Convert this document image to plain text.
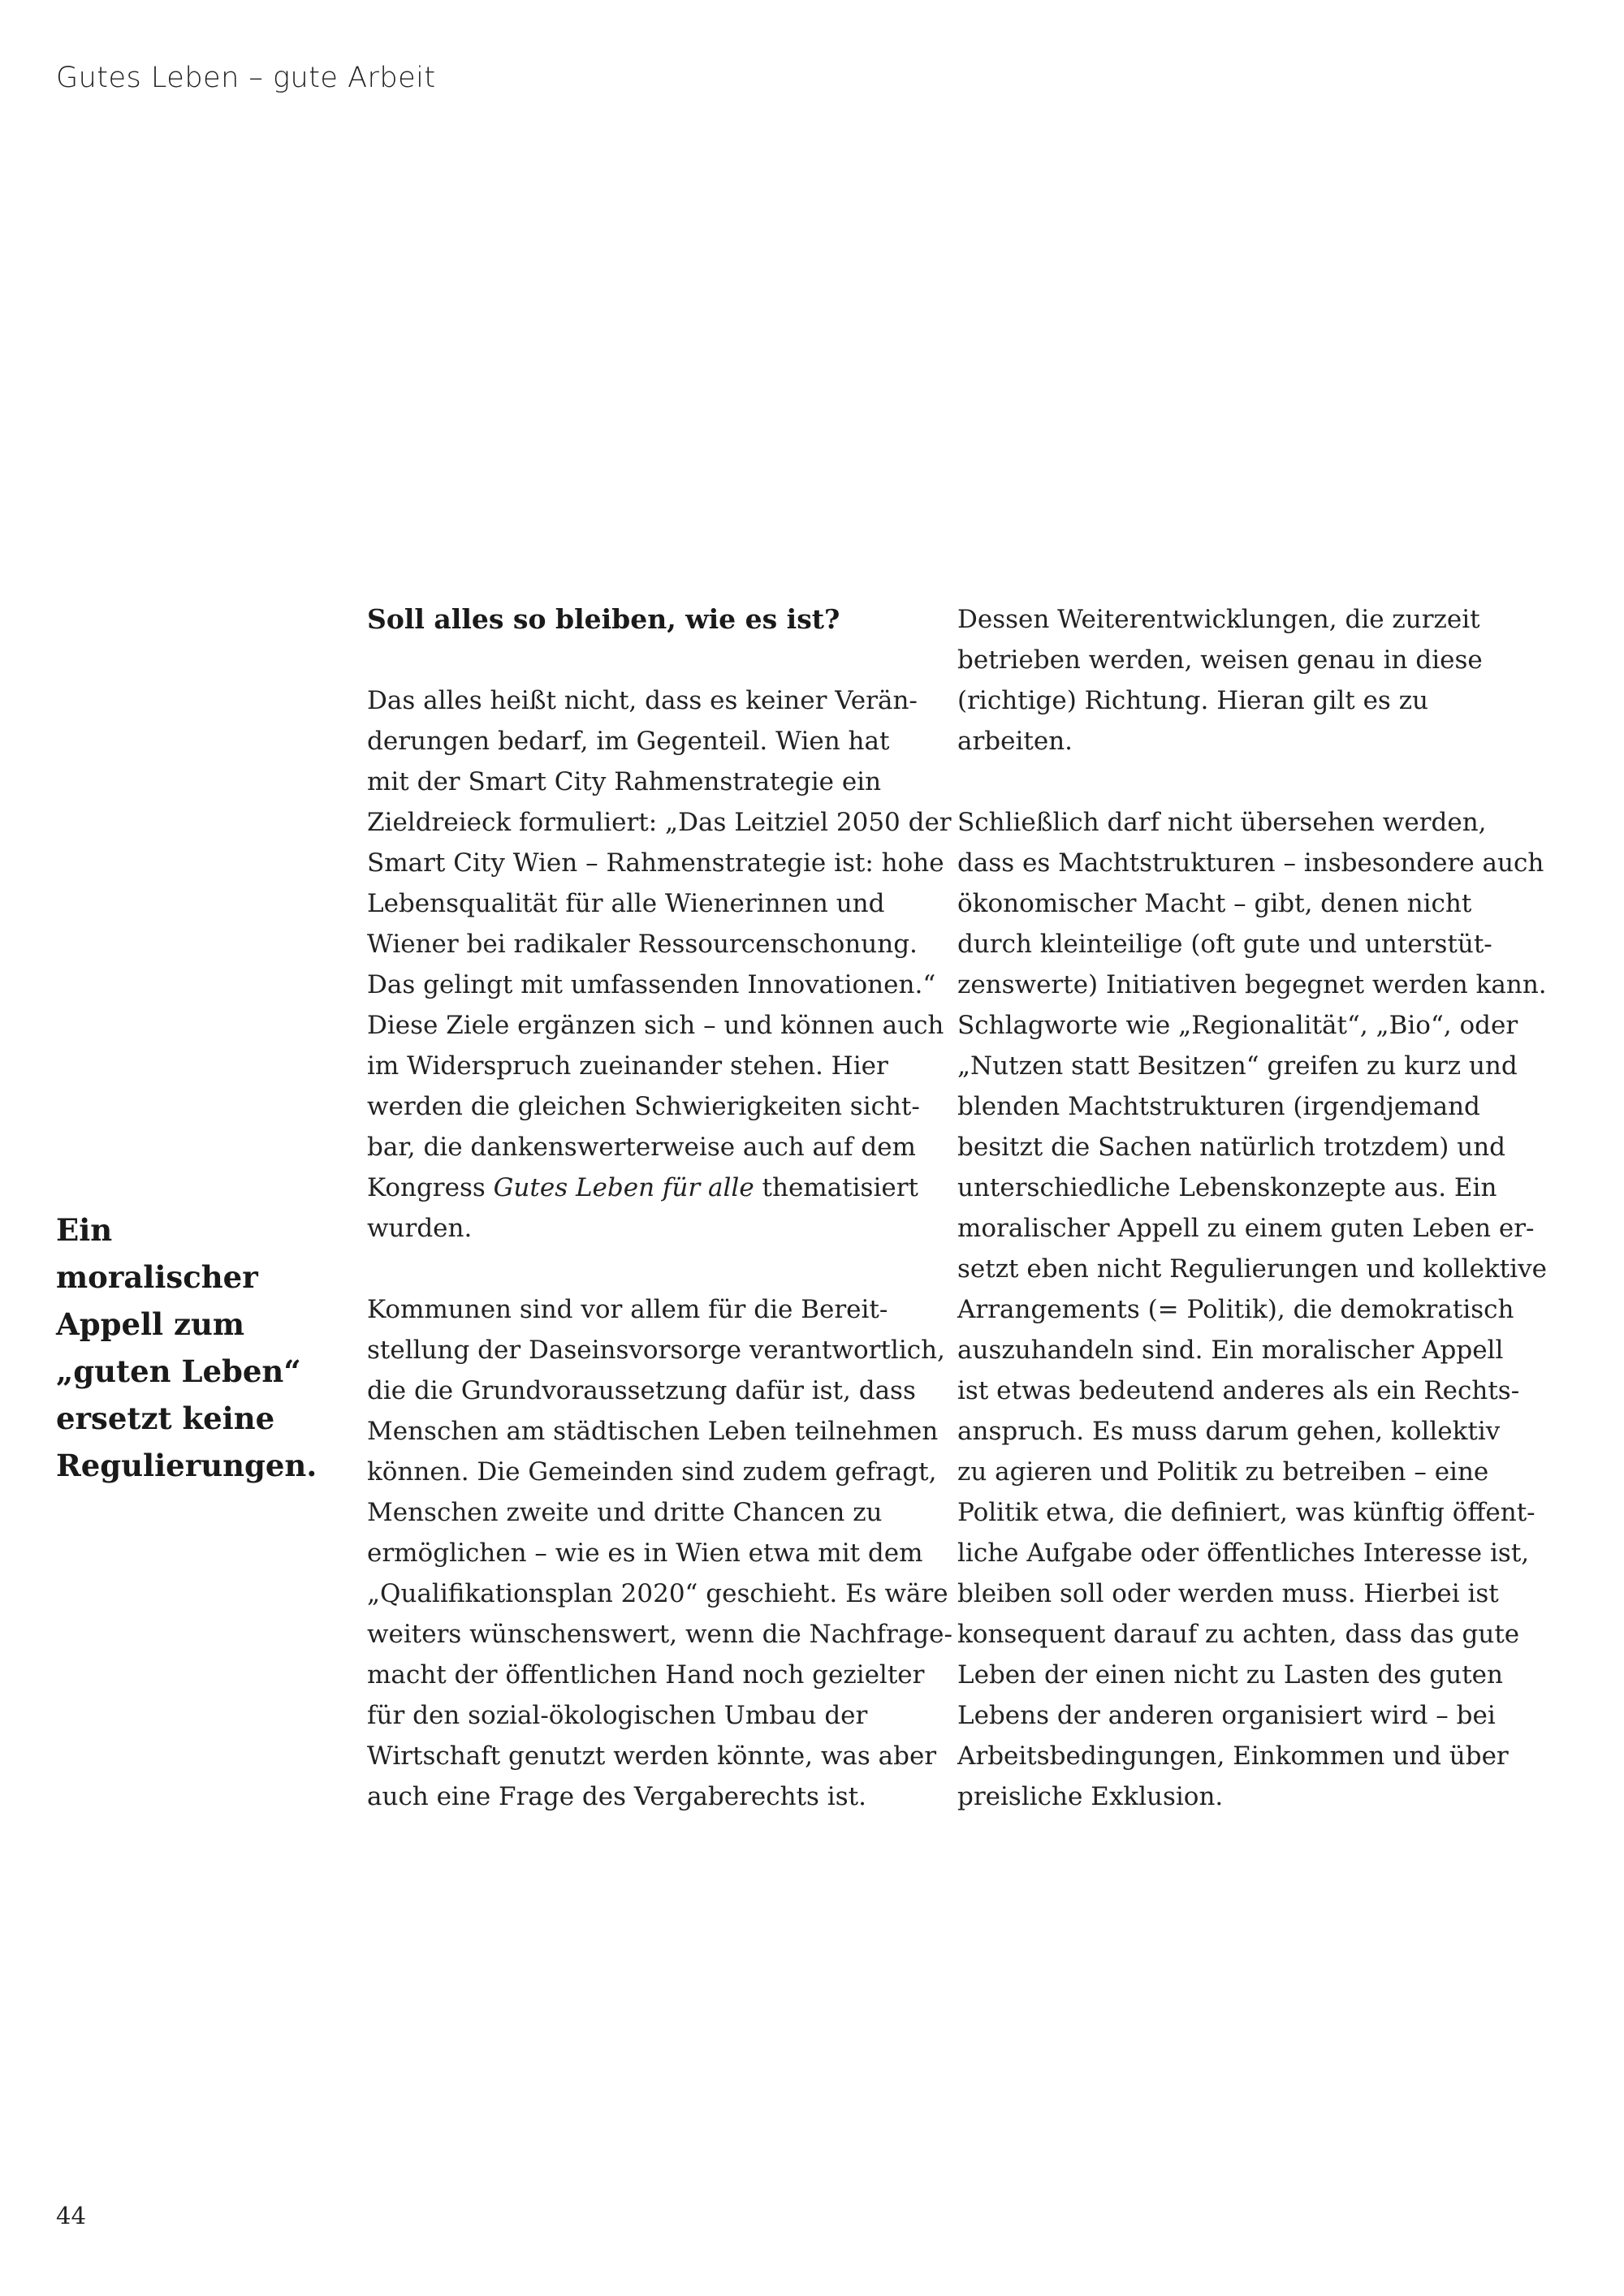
Gutes Leben – gute Arbeit
Ein moralischer
Appell zum
„guten Leben“
ersetzt keine
Regulierungen.
Soll alles so bleiben, wie es ist?
Das alles heißt nicht, dass es keiner Verän-
derungen bedarf, im Gegenteil. Wien hat
mit der Smart City Rahmenstrategie ein
Zieldreieck formuliert: „Das Leitziel 2050 der
Smart City Wien – Rahmenstrategie ist: hohe
Lebensqualität für alle Wienerinnen und
Wiener bei radikaler Ressourcenschonung.
Das gelingt mit umfassenden Innovationen.“
Diese Ziele ergänzen sich – und können auch
im Widerspruch zueinander stehen. Hier
werden die gleichen Schwierigkeiten sicht-
bar, die dankenswerterweise auch auf dem
Kongress Gutes Leben für alle thematisiert
wurden.
Kommunen sind vor allem für die Bereit-
stellung der Daseinsvorsorge verantwortlich,
die die Grundvoraussetzung dafür ist, dass
Menschen am städtischen Leben teilnehmen
können. Die Gemeinden sind zudem gefragt,
Menschen zweite und dritte Chancen zu
ermöglichen – wie es in Wien etwa mit dem
„Qualifikationsplan 2020“ geschieht. Es wäre
weiters wünschenswert, wenn die Nachfrage-
macht der öffentlichen Hand noch gezielter
für den sozial-ökologischen Umbau der
Wirtschaft genutzt werden könnte, was aber
auch eine Frage des Vergaberechts ist.
Dessen Weiterentwicklungen, die zurzeit
betrieben werden, weisen genau in diese
(richtige) Richtung. Hieran gilt es zu
arbeiten.
Schließlich darf nicht übersehen werden,
dass es Machtstrukturen – insbesondere auch
ökonomischer Macht – gibt, denen nicht
durch kleinteilige (oft gute und unterstüt-
zenswerte) Initiativen begegnet werden kann.
Schlagworte wie „Regionalität“, „Bio“, oder
„Nutzen statt Besitzen“ greifen zu kurz und
blenden Machtstrukturen (irgendjemand
besitzt die Sachen natürlich trotzdem) und
unterschiedliche Lebenskonzepte aus. Ein
moralischer Appell zu einem guten Leben er-
setzt eben nicht Regulierungen und kollektive
Arrangements (= Politik), die demokratisch
auszuhandeln sind. Ein moralischer Appell
ist etwas bedeutend anderes als ein Rechts-
anspruch. Es muss darum gehen, kollektiv
zu agieren und Politik zu betreiben – eine
Politik etwa, die definiert, was künftig öffent-
liche Aufgabe oder öffentliches Interesse ist,
bleiben soll oder werden muss. Hierbei ist
konsequent darauf zu achten, dass das gute
Leben der einen nicht zu Lasten des guten
Lebens der anderen organisiert wird – bei
Arbeitsbedingungen, Einkommen und über
preisliche Exklusion.
44
